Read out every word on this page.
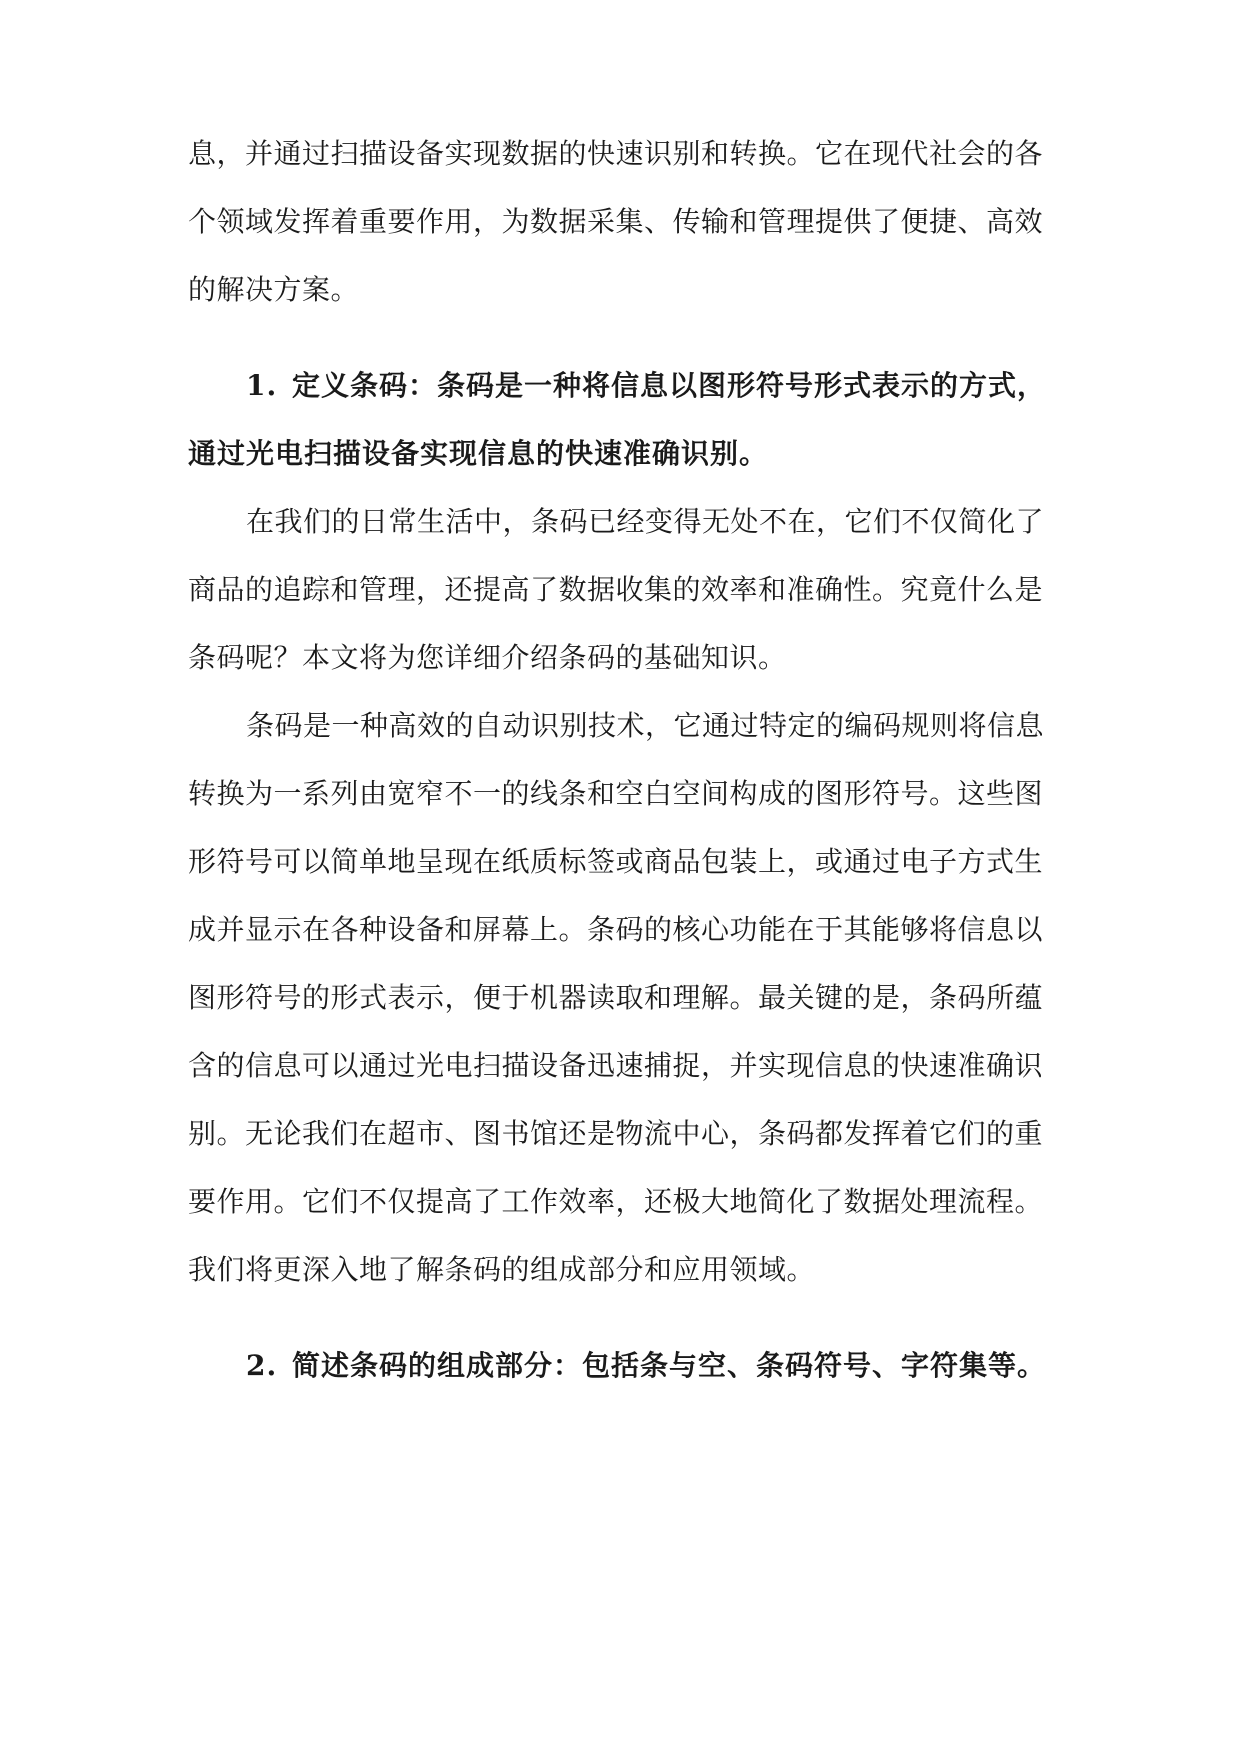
息，并通过扫描设备实现数据的快速识别和转换。它在现代社会的各
个领域发挥着重要作用，为数据采集、传输和管理提供了便捷、高效
的解决方案。
1. 定义条码：条码是一种将信息以图形符号形式表示的方式，
通过光电扫描设备实现信息的快速准确识别。
在我们的日常生活中，条码已经变得无处不在，它们不仅简化了
商品的追踪和管理，还提高了数据收集的效率和准确性。究竟什么是
条码呢？本文将为您详细介绍条码的基础知识。
条码是一种高效的自动识别技术，它通过特定的编码规则将信息
转换为一系列由宽窄不一的线条和空白空间构成的图形符号。这些图
形符号可以简单地呈现在纸质标签或商品包装上，或通过电子方式生
成并显示在各种设备和屏幕上。条码的核心功能在于其能够将信息以
图形符号的形式表示，便于机器读取和理解。最关键的是，条码所蕴
含的信息可以通过光电扫描设备迅速捕捉，并实现信息的快速准确识
别。无论我们在超市、图书馆还是物流中心，条码都发挥着它们的重
要作用。它们不仅提高了工作效率，还极大地简化了数据处理流程。
我们将更深入地了解条码的组成部分和应用领域。
2. 简述条码的组成部分：包括条与空、条码符号、字符集等。
